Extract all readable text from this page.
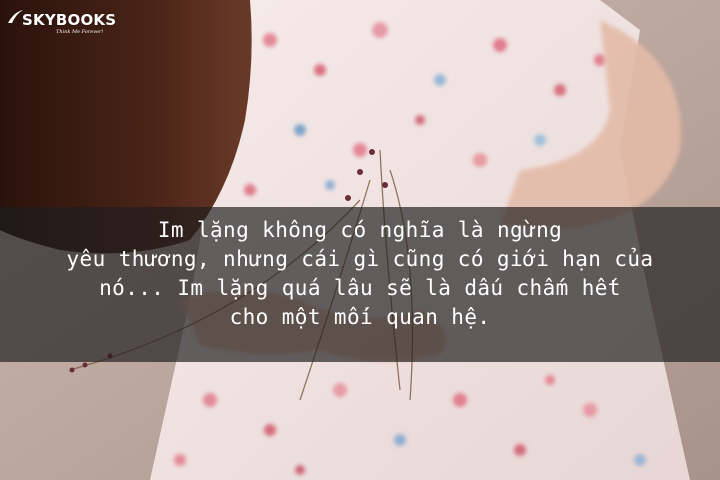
SKYBOOKS
Think Me Forever!
Im lặng không có nghĩa là ngừng
yêu thương, nhưng cái gì cũng có giới hạn của
nó... Im lặng quá lâu sẽ là dấu chấm hết
cho một mối quan hệ.
